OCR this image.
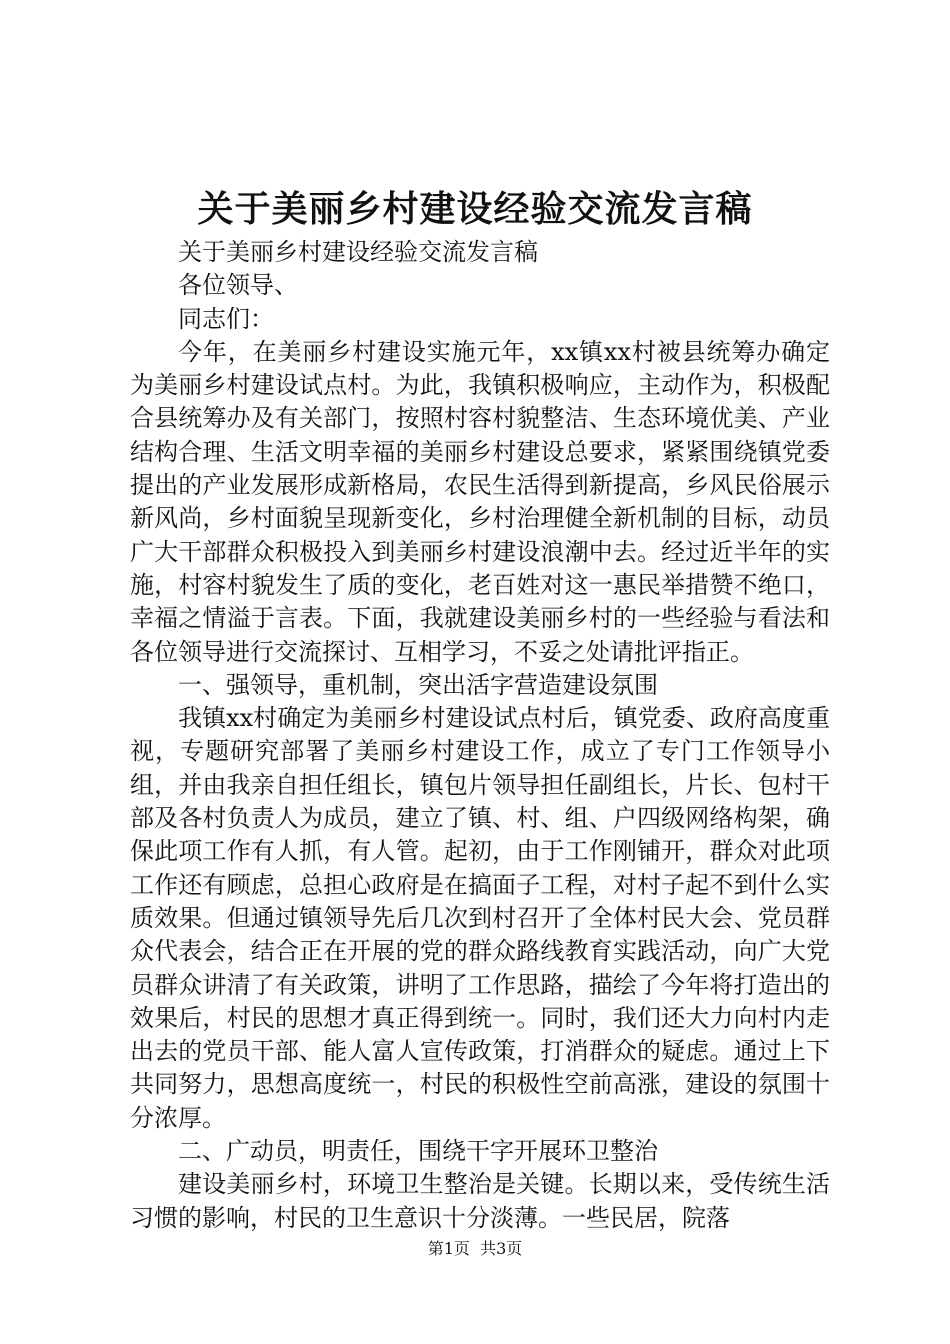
关于美丽乡村建设经验交流发言稿

关于美丽乡村建设经验交流发言稿

各位领导、

同志们：

今年，在美丽乡村建设实施元年，xx镇xx村被县统筹办确定为美丽乡村建设试点村。为此，我镇积极响应，主动作为，积极配合县统筹办及有关部门，按照村容村貌整洁、生态环境优美、产业结构合理、生活文明幸福的美丽乡村建设总要求，紧紧围绕镇党委提出的产业发展形成新格局，农民生活得到新提高，乡风民俗展示新风尚，乡村面貌呈现新变化，乡村治理健全新机制的目标，动员广大干部群众积极投入到美丽乡村建设浪潮中去。经过近半年的实施，村容村貌发生了质的变化，老百姓对这一惠民举措赞不绝口，幸福之情溢于言表。下面，我就建设美丽乡村的一些经验与看法和各位领导进行交流探讨、互相学习，不妥之处请批评指正。

一、强领导，重机制，突出活字营造建设氛围

我镇xx村确定为美丽乡村建设试点村后，镇党委、政府高度重视，专题研究部署了美丽乡村建设工作，成立了专门工作领导小组，并由我亲自担任组长，镇包片领导担任副组长，片长、包村干部及各村负责人为成员，建立了镇、村、组、户四级网络构架，确保此项工作有人抓，有人管。起初，由于工作刚铺开，群众对此项工作还有顾虑，总担心政府是在搞面子工程，对村子起不到什么实质效果。但通过镇领导先后几次到村召开了全体村民大会、党员群众代表会，结合正在开展的党的群众路线教育实践活动，向广大党员群众讲清了有关政策，讲明了工作思路，描绘了今年将打造出的效果后，村民的思想才真正得到统一。同时，我们还大力向村内走出去的党员干部、能人富人宣传政策，打消群众的疑虑。通过上下共同努力，思想高度统一，村民的积极性空前高涨，建设的氛围十分浓厚。

二、广动员，明责任，围绕干字开展环卫整治

建设美丽乡村，环境卫生整治是关键。长期以来，受传统生活习惯的影响，村民的卫生意识十分淡薄。一些民居，院落

第1页 共3页
